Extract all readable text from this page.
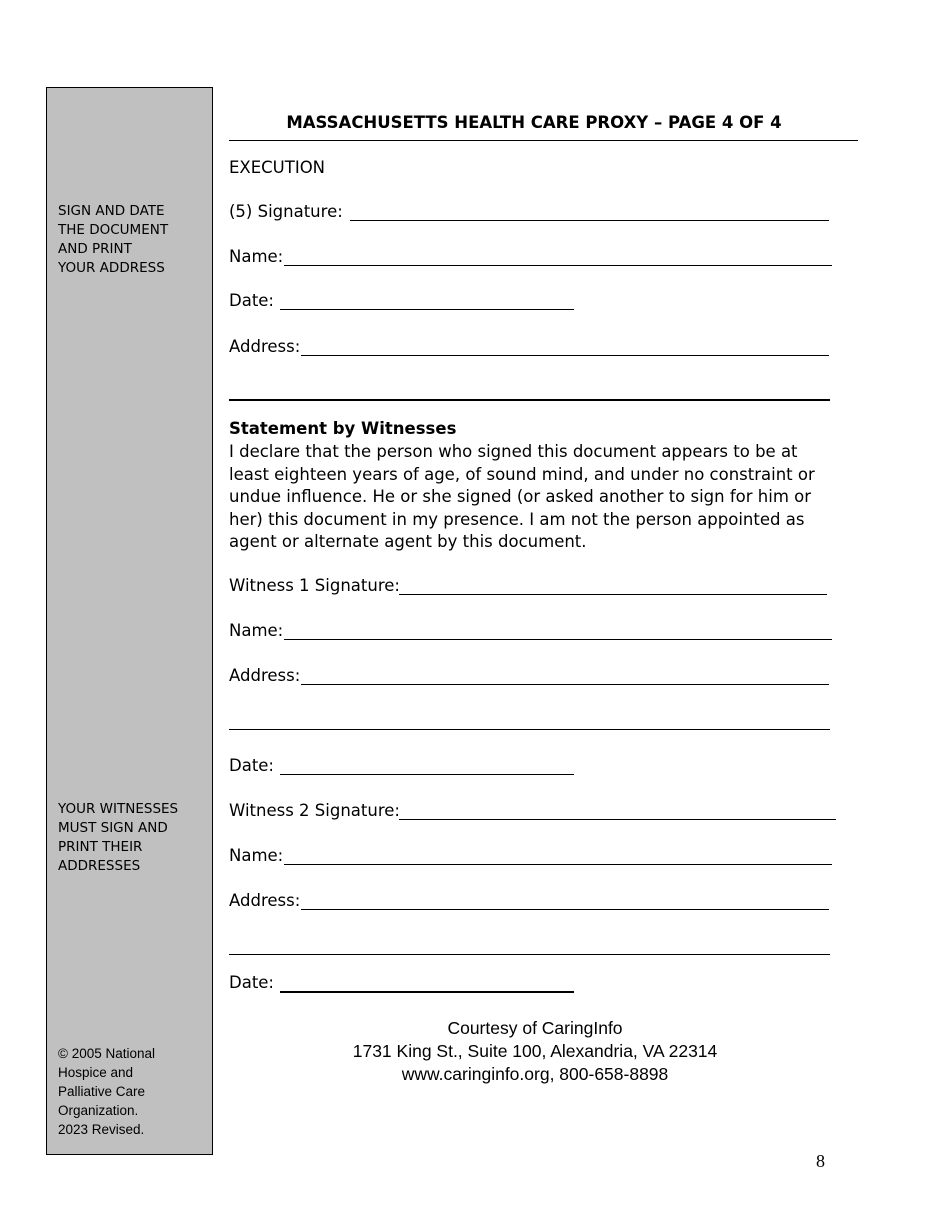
SIGN AND DATE
THE DOCUMENT
AND PRINT
YOUR ADDRESS
YOUR WITNESSES
MUST SIGN AND
PRINT THEIR
ADDRESSES
© 2005 National
Hospice and
Palliative Care
Organization.
2023 Revised.
MASSACHUSETTS HEALTH CARE PROXY – PAGE 4 OF 4
EXECUTION
(5) Signature:
Name:
Date:
Address:
Statement by Witnesses
I declare that the person who signed this document appears to be at least eighteen years of age, of sound mind, and under no constraint or undue influence. He or she signed (or asked another to sign for him or her) this document in my presence. I am not the person appointed as agent or alternate agent by this document.
Witness 1 Signature:
Name:
Address:
Date:
Witness 2 Signature:
Name:
Address:
Date:
Courtesy of CaringInfo
1731 King St., Suite 100, Alexandria, VA 22314
www.caringinfo.org, 800-658-8898
8
